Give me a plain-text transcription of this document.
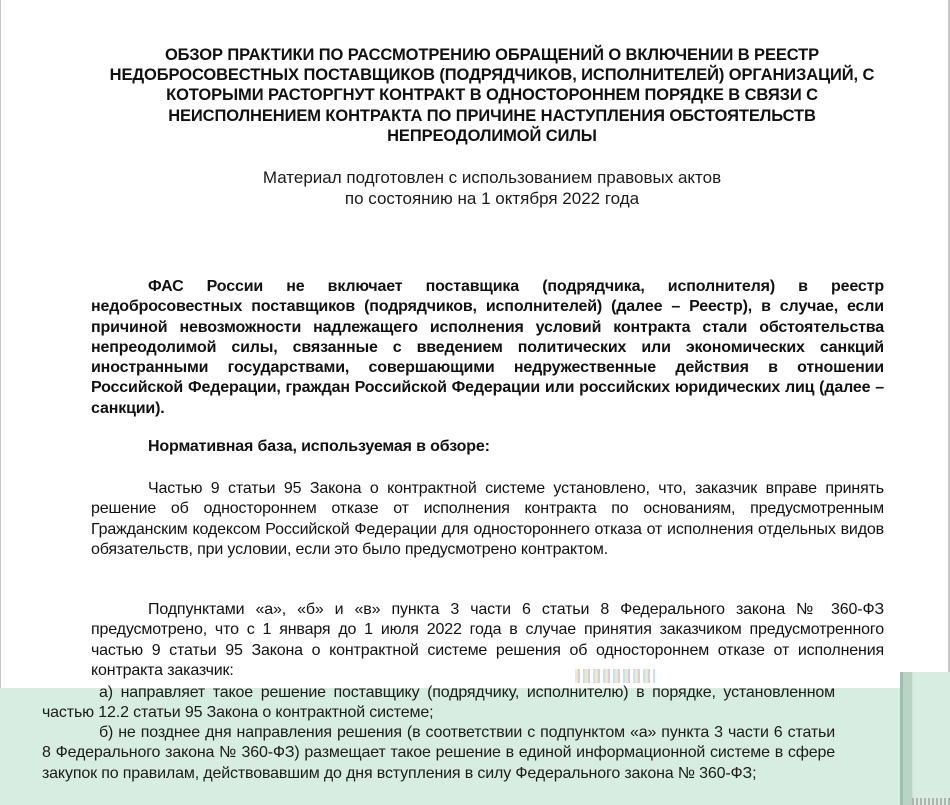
ОБЗОР ПРАКТИКИ ПО РАССМОТРЕНИЮ ОБРАЩЕНИЙ О ВКЛЮЧЕНИИ В РЕЕСТР НЕДОБРОСОВЕСТНЫХ ПОСТАВЩИКОВ (ПОДРЯДЧИКОВ, ИСПОЛНИТЕЛЕЙ) ОРГАНИЗАЦИЙ, С КОТОРЫМИ РАСТОРГНУТ КОНТРАКТ В ОДНОСТОРОННЕМ ПОРЯДКЕ В СВЯЗИ С НЕИСПОЛНЕНИЕМ КОНТРАКТА ПО ПРИЧИНЕ НАСТУПЛЕНИЯ ОБСТОЯТЕЛЬСТВ НЕПРЕОДОЛИМОЙ СИЛЫ
Материал подготовлен с использованием правовых актов
по состоянию на 1 октября 2022 года
ФАС России не включает поставщика (подрядчика, исполнителя) в реестр недобросовестных поставщиков (подрядчиков, исполнителей) (далее – Реестр), в случае, если причиной невозможности надлежащего исполнения условий контракта стали обстоятельства непреодолимой силы, связанные с введением политических или экономических санкций иностранными государствами, совершающими недружественные действия в отношении Российской Федерации, граждан Российской Федерации или российских юридических лиц (далее – санкции).
Нормативная база, используемая в обзоре:
Частью 9 статьи 95 Закона о контрактной системе установлено, что, заказчик вправе принять решение об одностороннем отказе от исполнения контракта по основаниям, предусмотренным Гражданским кодексом Российской Федерации для одностороннего отказа от исполнения отдельных видов обязательств, при условии, если это было предусмотрено контрактом.
Подпунктами «а», «б» и «в» пункта 3 части 6 статьи 8 Федерального закона № 360-ФЗ предусмотрено, что с 1 января до 1 июля 2022 года в случае принятия заказчиком предусмотренного частью 9 статьи 95 Закона о контрактной системе решения об одностороннем отказе от исполнения контракта заказчик:
а) направляет такое решение поставщику (подрядчику, исполнителю) в порядке, установленном частью 12.2 статьи 95 Закона о контрактной системе;
б) не позднее дня направления решения (в соответствии с подпунктом «а» пункта 3 части 6 статьи 8 Федерального закона № 360-ФЗ) размещает такое решение в единой информационной системе в сфере закупок по правилам, действовавшим до дня вступления в силу Федерального закона № 360-ФЗ;
